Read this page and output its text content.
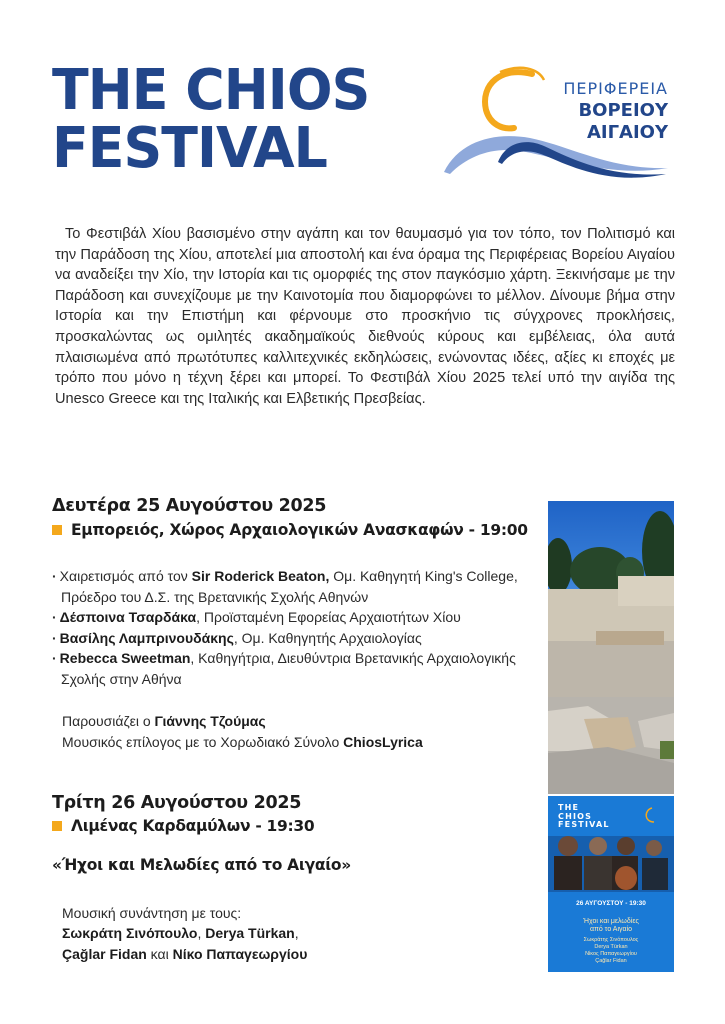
THE CHIOS
FESTIVAL
ΠΕΡΙΦΕΡΕΙΑ
ΒΟΡΕΙΟΥ
ΑΙΓΑΙΟΥ

Το Φεστιβάλ Χίου βασισμένο στην αγάπη και τον θαυμασμό για τον τόπο, τον Πολιτισμό και την Παράδοση της Χίου, αποτελεί μια αποστολή και ένα όραμα της Περιφέρειας Βορείου Αιγαίου να αναδείξει την Χίο, την Ιστορία και τις ομορφιές της στον παγκόσμιο χάρτη. Ξεκινήσαμε με την Παράδοση και συνεχίζουμε με την Καινοτομία που διαμορφώνει το μέλλον. Δίνουμε βήμα στην Ιστορία και την Επιστήμη και φέρνουμε στο προσκήνιο τις σύγχρονες προκλήσεις, προσκαλώντας ως ομιλητές ακαδημαϊκούς διεθνούς κύρους και εμβέλειας, όλα αυτά πλαισιωμένα από πρωτότυπες καλλιτεχνικές εκδηλώσεις, ενώνοντας ιδέες, αξίες κι εποχές με τρόπο που μόνο η τέχνη ξέρει και μπορεί. Το Φεστιβάλ Χίου 2025 τελεί υπό την αιγίδα της Unesco Greece και της Ιταλικής και Ελβετικής Πρεσβείας.

Δευτέρα 25 Αυγούστου 2025
Εμπορειός, Χώρος Αρχαιολογικών Ανασκαφών - 19:00
· Χαιρετισμός από τον Sir Roderick Beaton, Ομ. Καθηγητή King's College, Πρόεδρο του Δ.Σ. της Βρετανικής Σχολής Αθηνών
· Δέσποινα Τσαρδάκα, Προϊσταμένη Εφορείας Αρχαιοτήτων Χίου
· Βασίλης Λαμπρινουδάκης, Ομ. Καθηγητής Αρχαιολογίας
· Rebecca Sweetman, Καθηγήτρια, Διευθύντρια Βρετανικής Αρχαιολογικής Σχολής στην Αθήνα
Παρουσιάζει ο Γιάννης Τζούμας
Μουσικός επίλογος με το Χορωδιακό Σύνολο ChiosLyrica
Τρίτη 26 Αυγούστου 2025
Λιμένας Καρδαμύλων - 19:30
«Ήχοι και Μελωδίες από το Αιγαίο»
Μουσική συνάντηση με τους:
Σωκράτη Σινόπουλο, Derya Türkan,
Çağlar Fidan και Νίκο Παπαγεωργίου
THE
CHIOS
FESTIVAL
26 ΑΥΓΟΥΣΤΟΥ - 19:30
Ήχοι και μελωδίες
από το Αιγαίο
Σωκράτης Σινόπουλος
Derya Türkan
Νίκος Παπαγεωργίου
Çağlar Fidan
